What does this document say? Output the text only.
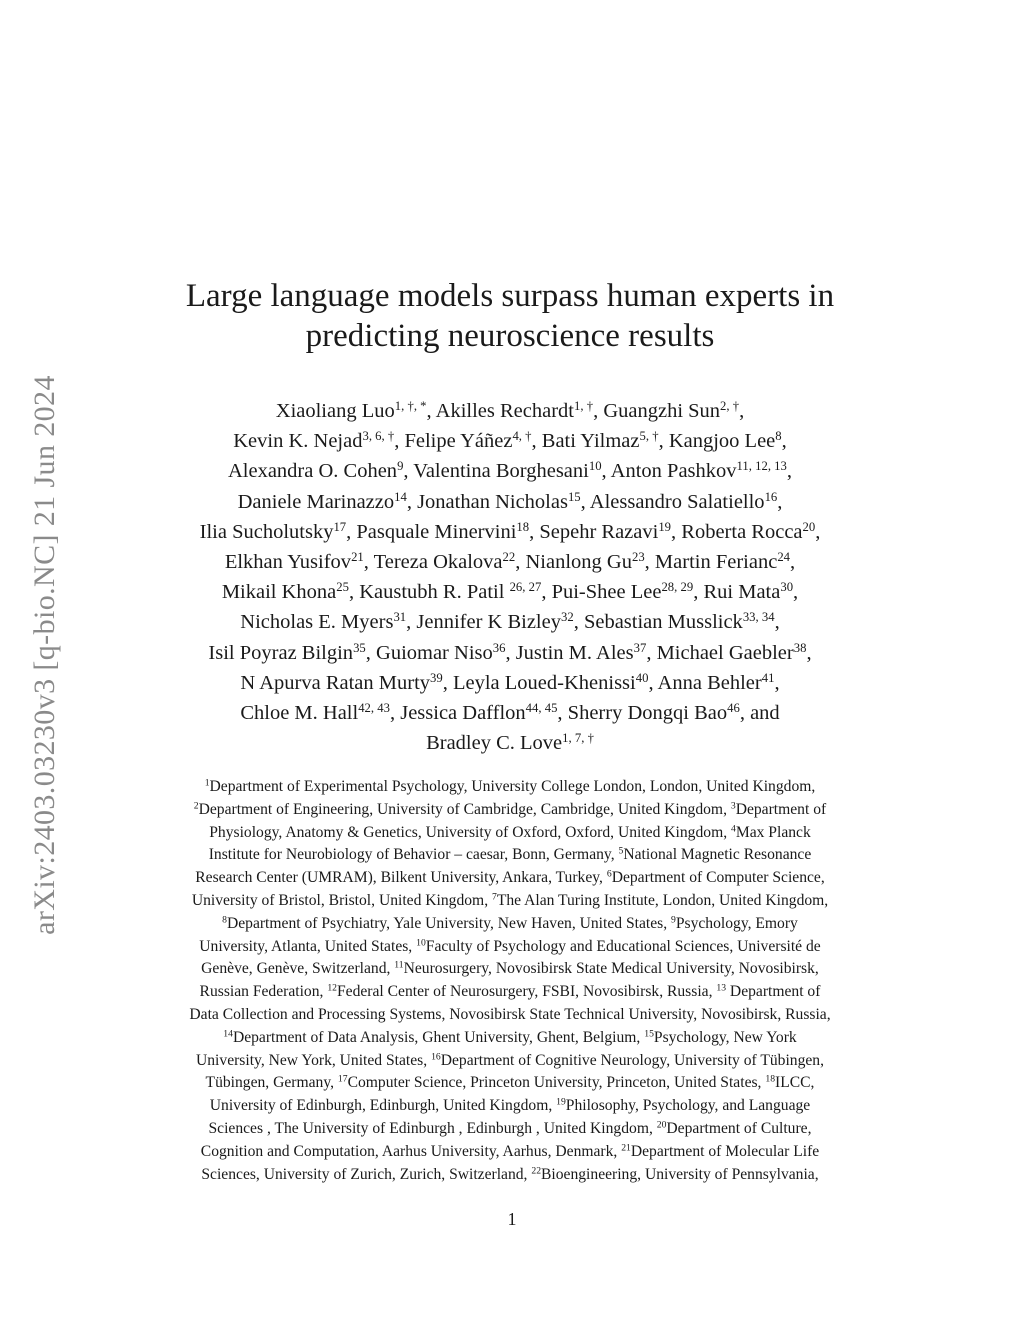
arXiv:2403.03230v3 [q-bio.NC] 21 Jun 2024
Large language models surpass human experts in
predicting neuroscience results
Xiaoliang Luo$^{1, \dagger, *}$, Akilles Rechardt$^{1, \dagger}$, Guangzhi Sun$^{2, \dagger}$,
Kevin K. Nejad$^{3, 6, \dagger}$, Felipe Yáñez$^{4, \dagger}$, Bati Yilmaz$^{5, \dagger}$, Kangjoo Lee$^8$,
Alexandra O. Cohen$^9$, Valentina Borghesani$^{10}$, Anton Pashkov$^{11, 12, 13}$,
Daniele Marinazzo$^{14}$, Jonathan Nicholas$^{15}$, Alessandro Salatiello$^{16}$,
Ilia Sucholutsky$^{17}$, Pasquale Minervini$^{18}$, Sepehr Razavi$^{19}$, Roberta Rocca$^{20}$,
Elkhan Yusifov$^{21}$, Tereza Okalova$^{22}$, Nianlong Gu$^{23}$, Martin Ferianc$^{24}$,
Mikail Khona$^{25}$, Kaustubh R. Patil $^{26, 27}$, Pui-Shee Lee$^{28, 29}$, Rui Mata$^{30}$,
Nicholas E. Myers$^{31}$, Jennifer K Bizley$^{32}$, Sebastian Musslick$^{33, 34}$,
Isil Poyraz Bilgin$^{35}$, Guiomar Niso$^{36}$, Justin M. Ales$^{37}$, Michael Gaebler$^{38}$,
N Apurva Ratan Murty$^{39}$, Leyla Loued-Khenissi$^{40}$, Anna Behler$^{41}$,
Chloe M. Hall$^{42, 43}$, Jessica Dafflon$^{44, 45}$, Sherry Dongqi Bao$^{46}$, and
Bradley C. Love$^{1, 7, \dagger}$
$^1$Department of Experimental Psychology, University College London, London, United Kingdom,
$^2$Department of Engineering, University of Cambridge, Cambridge, United Kingdom, $^3$Department of
Physiology, Anatomy & Genetics, University of Oxford, Oxford, United Kingdom, $^4$Max Planck
Institute for Neurobiology of Behavior – caesar, Bonn, Germany, $^5$National Magnetic Resonance
Research Center (UMRAM), Bilkent University, Ankara, Turkey, $^6$Department of Computer Science,
University of Bristol, Bristol, United Kingdom, $^7$The Alan Turing Institute, London, United Kingdom,
$^8$Department of Psychiatry, Yale University, New Haven, United States, $^9$Psychology, Emory
University, Atlanta, United States, $^{10}$Faculty of Psychology and Educational Sciences, Université de
Genève, Genève, Switzerland, $^{11}$Neurosurgery, Novosibirsk State Medical University, Novosibirsk,
Russian Federation, $^{12}$Federal Center of Neurosurgery, FSBI, Novosibirsk, Russia, $^{13}$ Department of
Data Collection and Processing Systems, Novosibirsk State Technical University, Novosibirsk, Russia,
$^{14}$Department of Data Analysis, Ghent University, Ghent, Belgium, $^{15}$Psychology, New York
University, New York, United States, $^{16}$Department of Cognitive Neurology, University of Tübingen,
Tübingen, Germany, $^{17}$Computer Science, Princeton University, Princeton, United States, $^{18}$ILCC,
University of Edinburgh, Edinburgh, United Kingdom, $^{19}$Philosophy, Psychology, and Language
Sciences , The University of Edinburgh , Edinburgh , United Kingdom, $^{20}$Department of Culture,
Cognition and Computation, Aarhus University, Aarhus, Denmark, $^{21}$Department of Molecular Life
Sciences, University of Zurich, Zurich, Switzerland, $^{22}$Bioengineering, University of Pennsylvania,
1
